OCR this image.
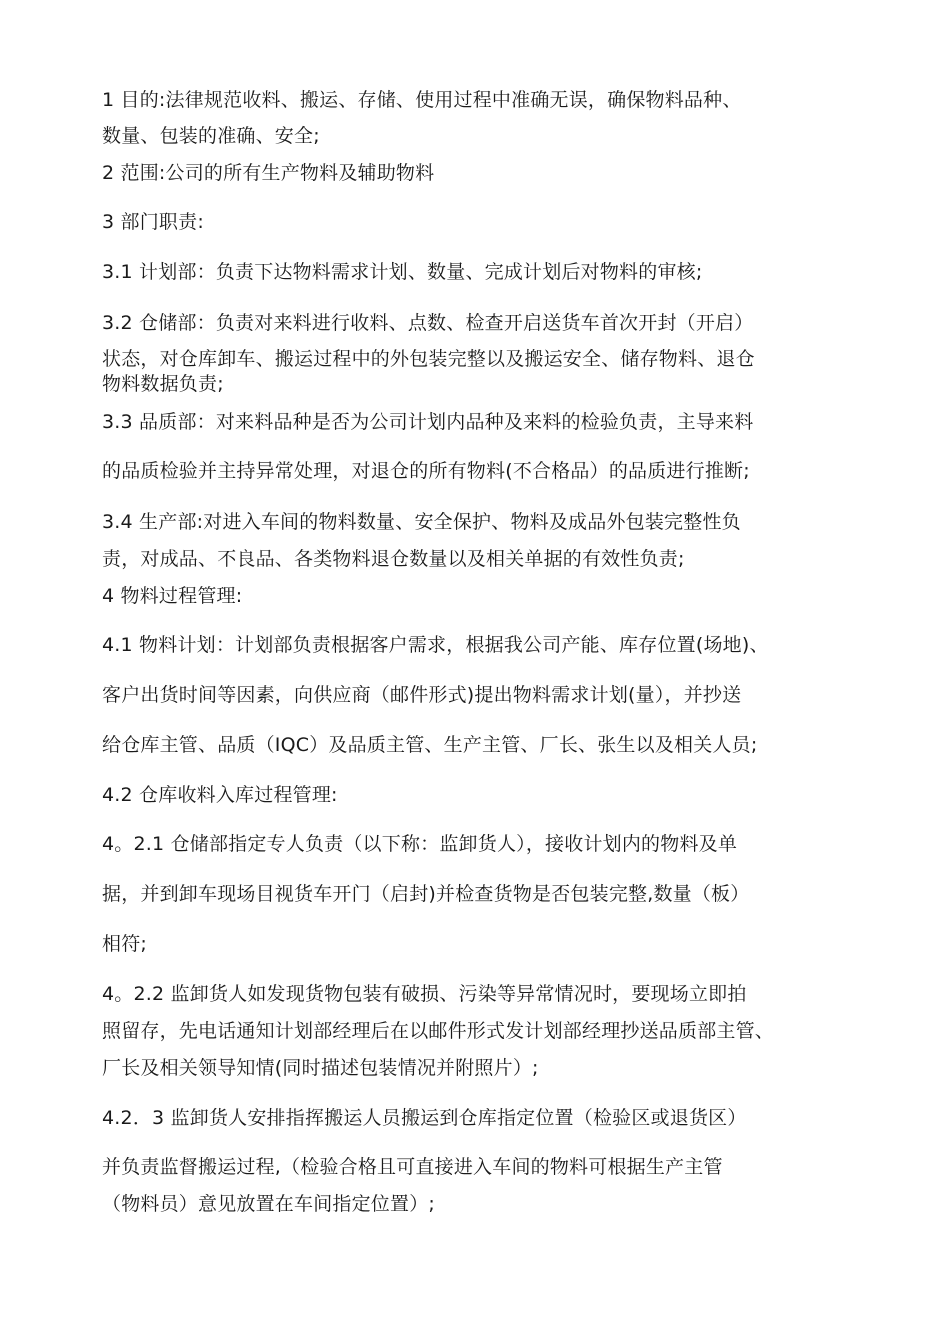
1 目的:法律规范收料、搬运、存储、使用过程中准确无误，确保物料品种、
数量、包装的准确、安全;
2 范围:公司的所有生产物料及辅助物料
3 部门职责:
3.1 计划部：负责下达物料需求计划、数量、完成计划后对物料的审核;
3.2 仓储部：负责对来料进行收料、点数、检查开启送货车首次开封（开启）
状态，对仓库卸车、搬运过程中的外包装完整以及搬运安全、储存物料、退仓
物料数据负责;
3.3 品质部：对来料品种是否为公司计划内品种及来料的检验负责，主导来料
的品质检验并主持异常处理，对退仓的所有物料(不合格品）的品质进行推断;
3.4 生产部:对进入车间的物料数量、安全保护、物料及成品外包装完整性负
责，对成品、不良品、各类物料退仓数量以及相关单据的有效性负责;
4 物料过程管理:
4.1 物料计划：计划部负责根据客户需求，根据我公司产能、库存位置(场地)、
客户出货时间等因素，向供应商（邮件形式)提出物料需求计划(量），并抄送
给仓库主管、品质（IQC）及品质主管、生产主管、厂长、张生以及相关人员;
4.2 仓库收料入库过程管理:
4。2.1 仓储部指定专人负责（以下称：监卸货人），接收计划内的物料及单
据，并到卸车现场目视货车开门（启封)并检查货物是否包装完整,数量（板）
相符;
4。2.2 监卸货人如发现货物包装有破损、污染等异常情况时，要现场立即拍
照留存，先电话通知计划部经理后在以邮件形式发计划部经理抄送品质部主管、
厂长及相关领导知情(同时描述包装情况并附照片）;
4.2．3 监卸货人安排指挥搬运人员搬运到仓库指定位置（检验区或退货区）
并负责监督搬运过程,（检验合格且可直接进入车间的物料可根据生产主管
（物料员）意见放置在车间指定位置）;
